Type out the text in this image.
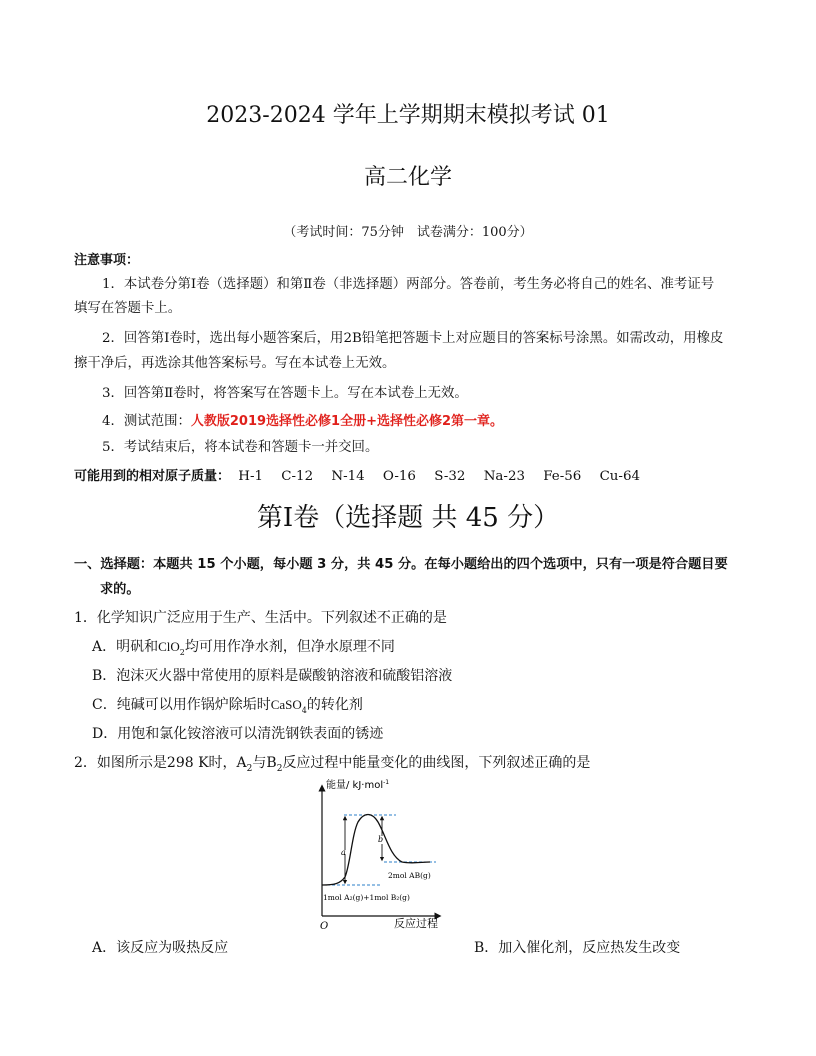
2023-2024 学年上学期期末模拟考试 01
高二化学
（考试时间：75分钟　试卷满分：100分）
注意事项：
1．本试卷分第Ⅰ卷（选择题）和第Ⅱ卷（非选择题）两部分。答卷前，考生务必将自己的姓名、准考证号
填写在答题卡上。
2．回答第Ⅰ卷时，选出每小题答案后，用2B铅笔把答题卡上对应题目的答案标号涂黑。如需改动，用橡皮
擦干净后，再选涂其他答案标号。写在本试卷上无效。
3．回答第Ⅱ卷时，将答案写在答题卡上。写在本试卷上无效。
4．测试范围：人教版2019选择性必修1全册+选择性必修2第一章。
5．考试结束后，将本试卷和答题卡一并交回。
可能用到的相对原子质量： H-1 C-12 N-14 O-16 S-32 Na-23 Fe-56 Cu-64
第Ⅰ卷（选择题 共 45 分）
一、选择题：本题共 15 个小题，每小题 3 分，共 45 分。在每小题给出的四个选项中，只有一项是符合题目要
求的。
1．化学知识广泛应用于生产、生活中。下列叙述不正确的是
A．明矾和ClO$_2$均可用作净水剂，但净水原理不同
B．泡沫灭火器中常使用的原料是碳酸钠溶液和硫酸铝溶液
C．纯碱可以用作锅炉除垢时CaSO$_4$的转化剂
D．用饱和氯化铵溶液可以清洗钢铁表面的锈迹
2．如图所示是298 K时，$A_2$与$B_2$反应过程中能量变化的曲线图，下列叙述正确的是
a
b
能量/ kJ·mol$^{-1}$
2mol AB(g)
1mol A₂(g)+1mol B₂(g)
O	反应过程
A．该反应为吸热反应	B．加入催化剂，反应热发生改变
